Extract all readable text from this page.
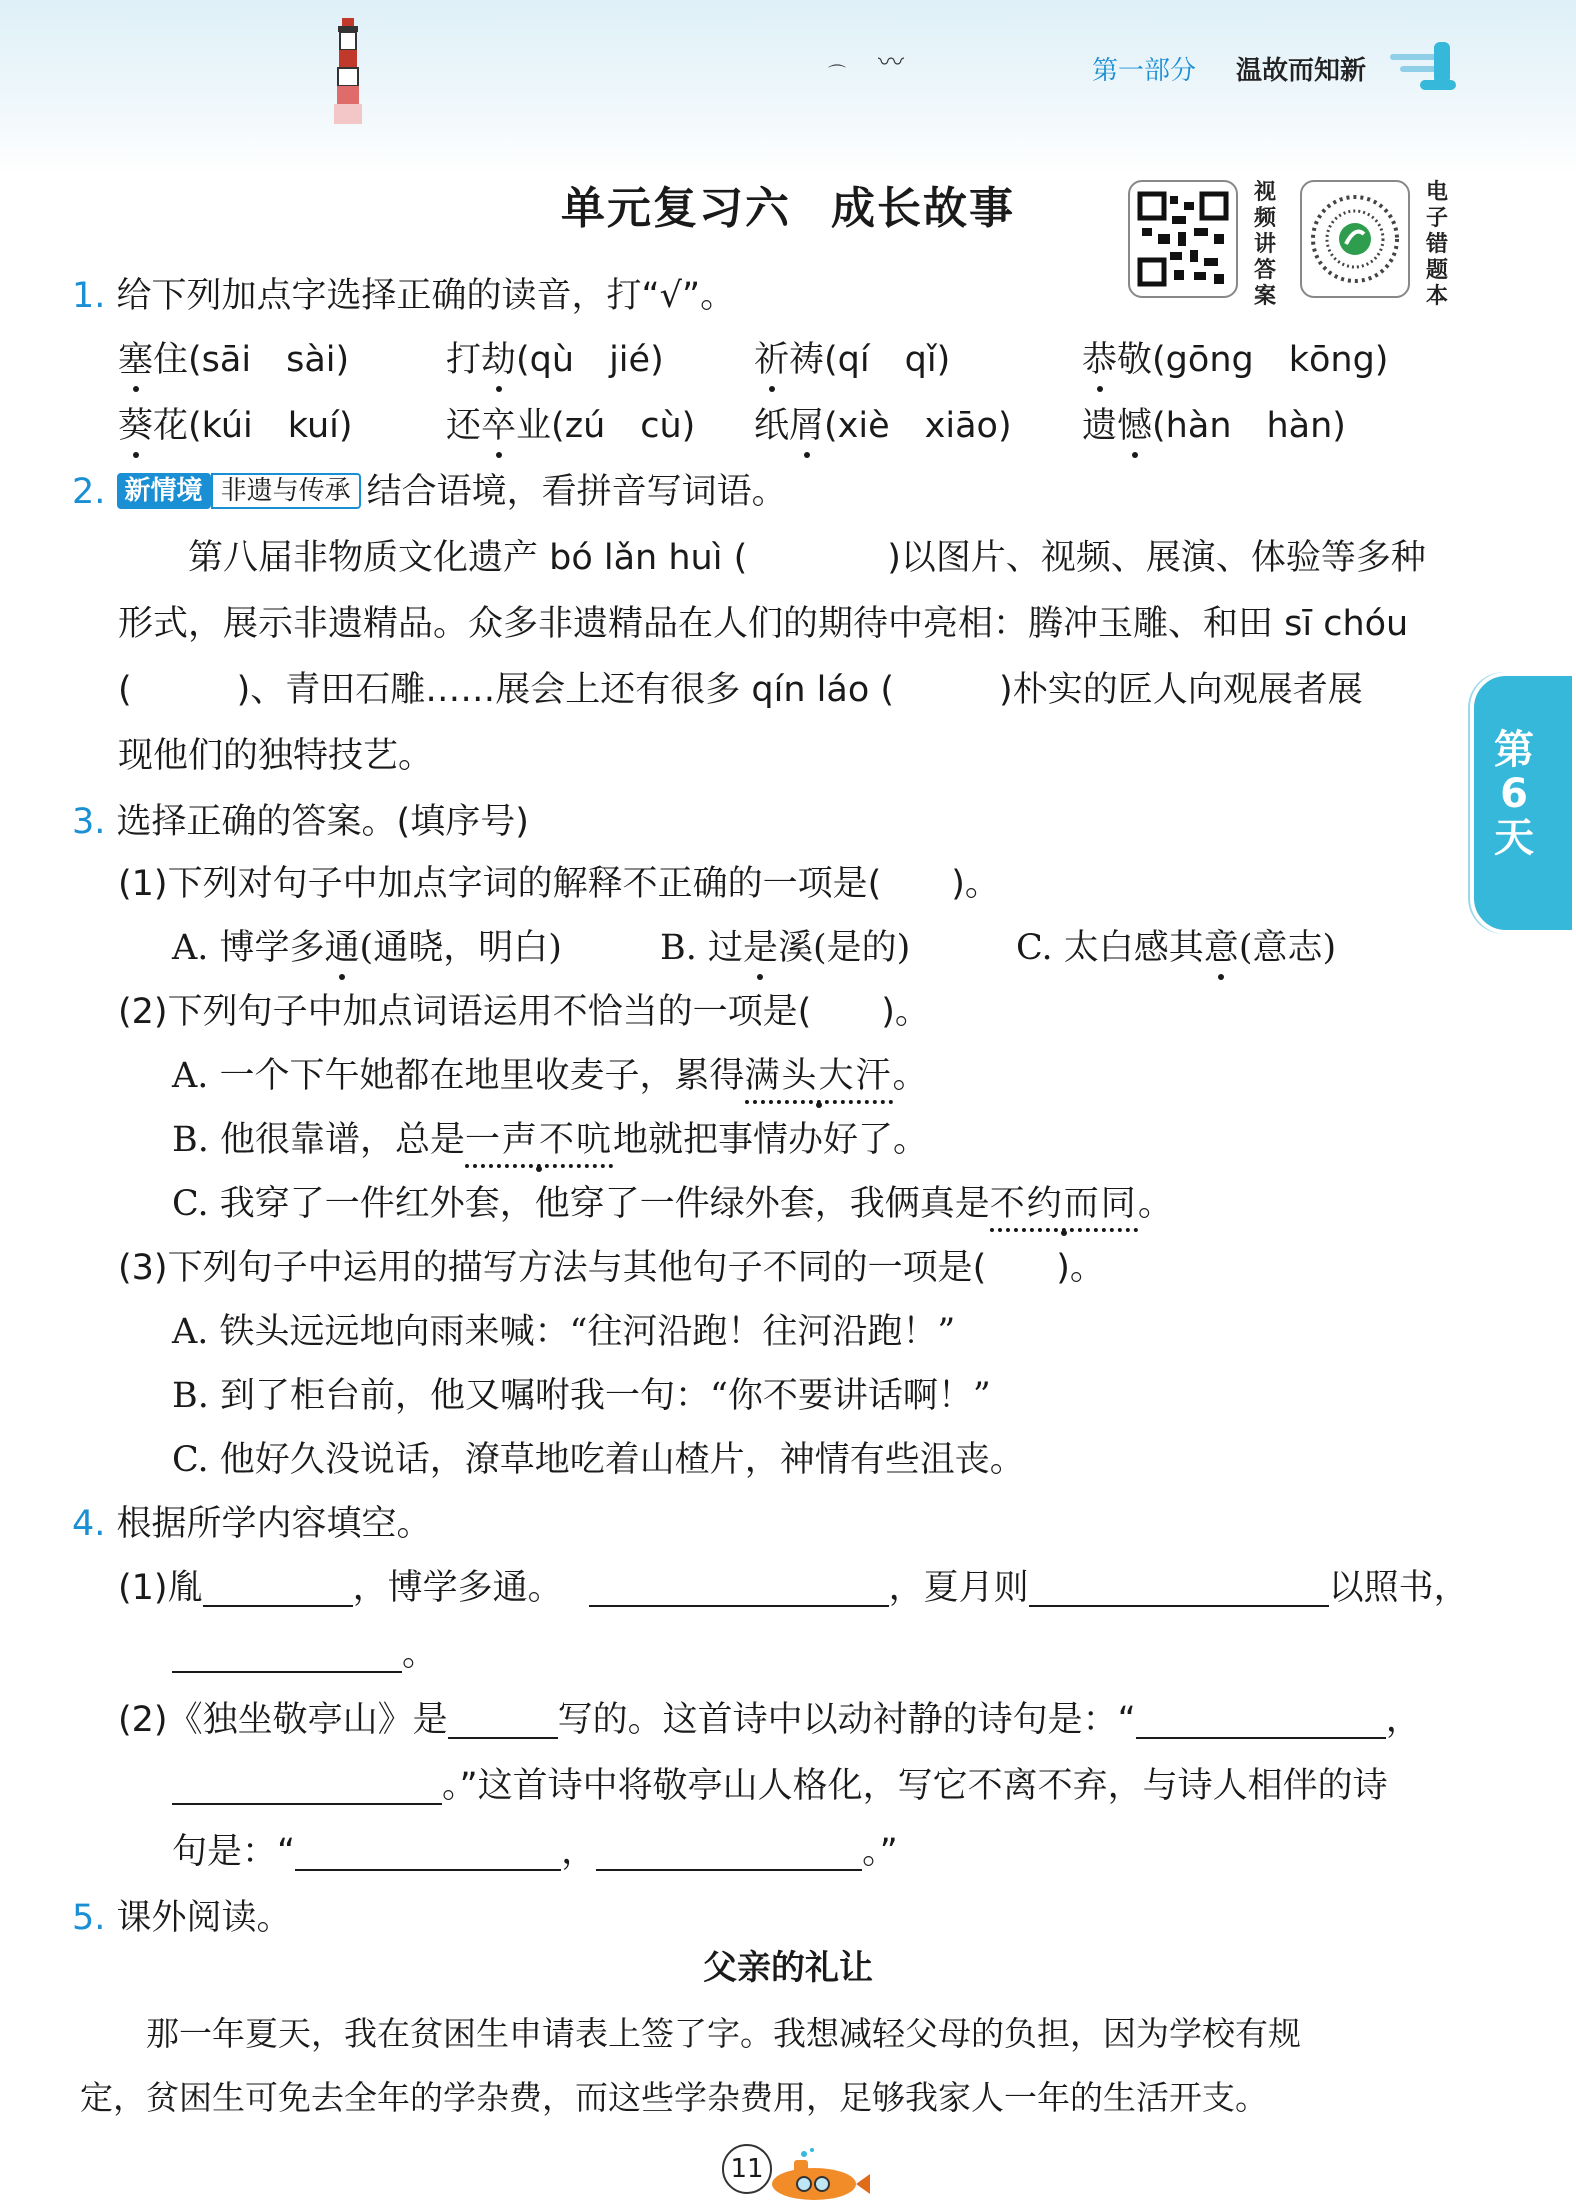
〰
⌒	第一部分 温故而知新
单元复习六 成长故事	视频讲答案
电子错题本
第6天
1. 给下列加点字选择正确的读音，打“√”。
塞住(sāi　sài)	打劫(qù　jié)	祈祷(qí　qǐ)	恭敬(gōng　kōng)
葵花(kúi　kuí)	还卒业(zú　cù) 纸屑(xiè　xiāo) 遗憾(hàn　hàn)
2. 新情境 非遗与传承 结合语境，看拼音写词语。
　　第八届非物质文化遗产 bó lǎn huì (　　　　)以图片、视频、展演、体验等多种
形式，展示非遗精品。众多非遗精品在人们的期待中亮相：腾冲玉雕、和田 sī chóu
(　　　)、青田石雕……展会上还有很多 qín láo (　　　)朴实的匠人向观展者展
现他们的独特技艺。
3. 选择正确的答案。(填序号)
(1)下列对句子中加点字词的解释不正确的一项是(　　)。
A. 博学多通(通晓，明白)	B. 过是溪(是的)	C. 太白感其意(意志)
(2)下列句子中加点词语运用不恰当的一项是(　　)。
A. 一个下午她都在地里收麦子，累得满头大汗。
B. 他很靠谱，总是一声不吭地就把事情办好了。
C. 我穿了一件红外套，他穿了一件绿外套，我俩真是不约而同。
(3)下列句子中运用的描写方法与其他句子不同的一项是(　　)。
A. 铁头远远地向雨来喊：“往河沿跑！往河沿跑！”
B. 到了柜台前，他又嘱咐我一句：“你不要讲话啊！”
C. 他好久没说话，潦草地吃着山楂片，神情有些沮丧。
4. 根据所学内容填空。
(1)胤	，博学多通。	，夏月则	以照书，
。
(2)《独坐敬亭山》是	写的。这首诗中以动衬静的诗句是：“	，
。”这首诗中将敬亭山人格化，写它不离不弃，与诗人相伴的诗
句是：“	，	。”
5. 课外阅读。
父亲的礼让
　　那一年夏天，我在贫困生申请表上签了字。我想减轻父母的负担，因为学校有规
定，贫困生可免去全年的学杂费，而这些学杂费用，足够我家人一年的生活开支。
11
